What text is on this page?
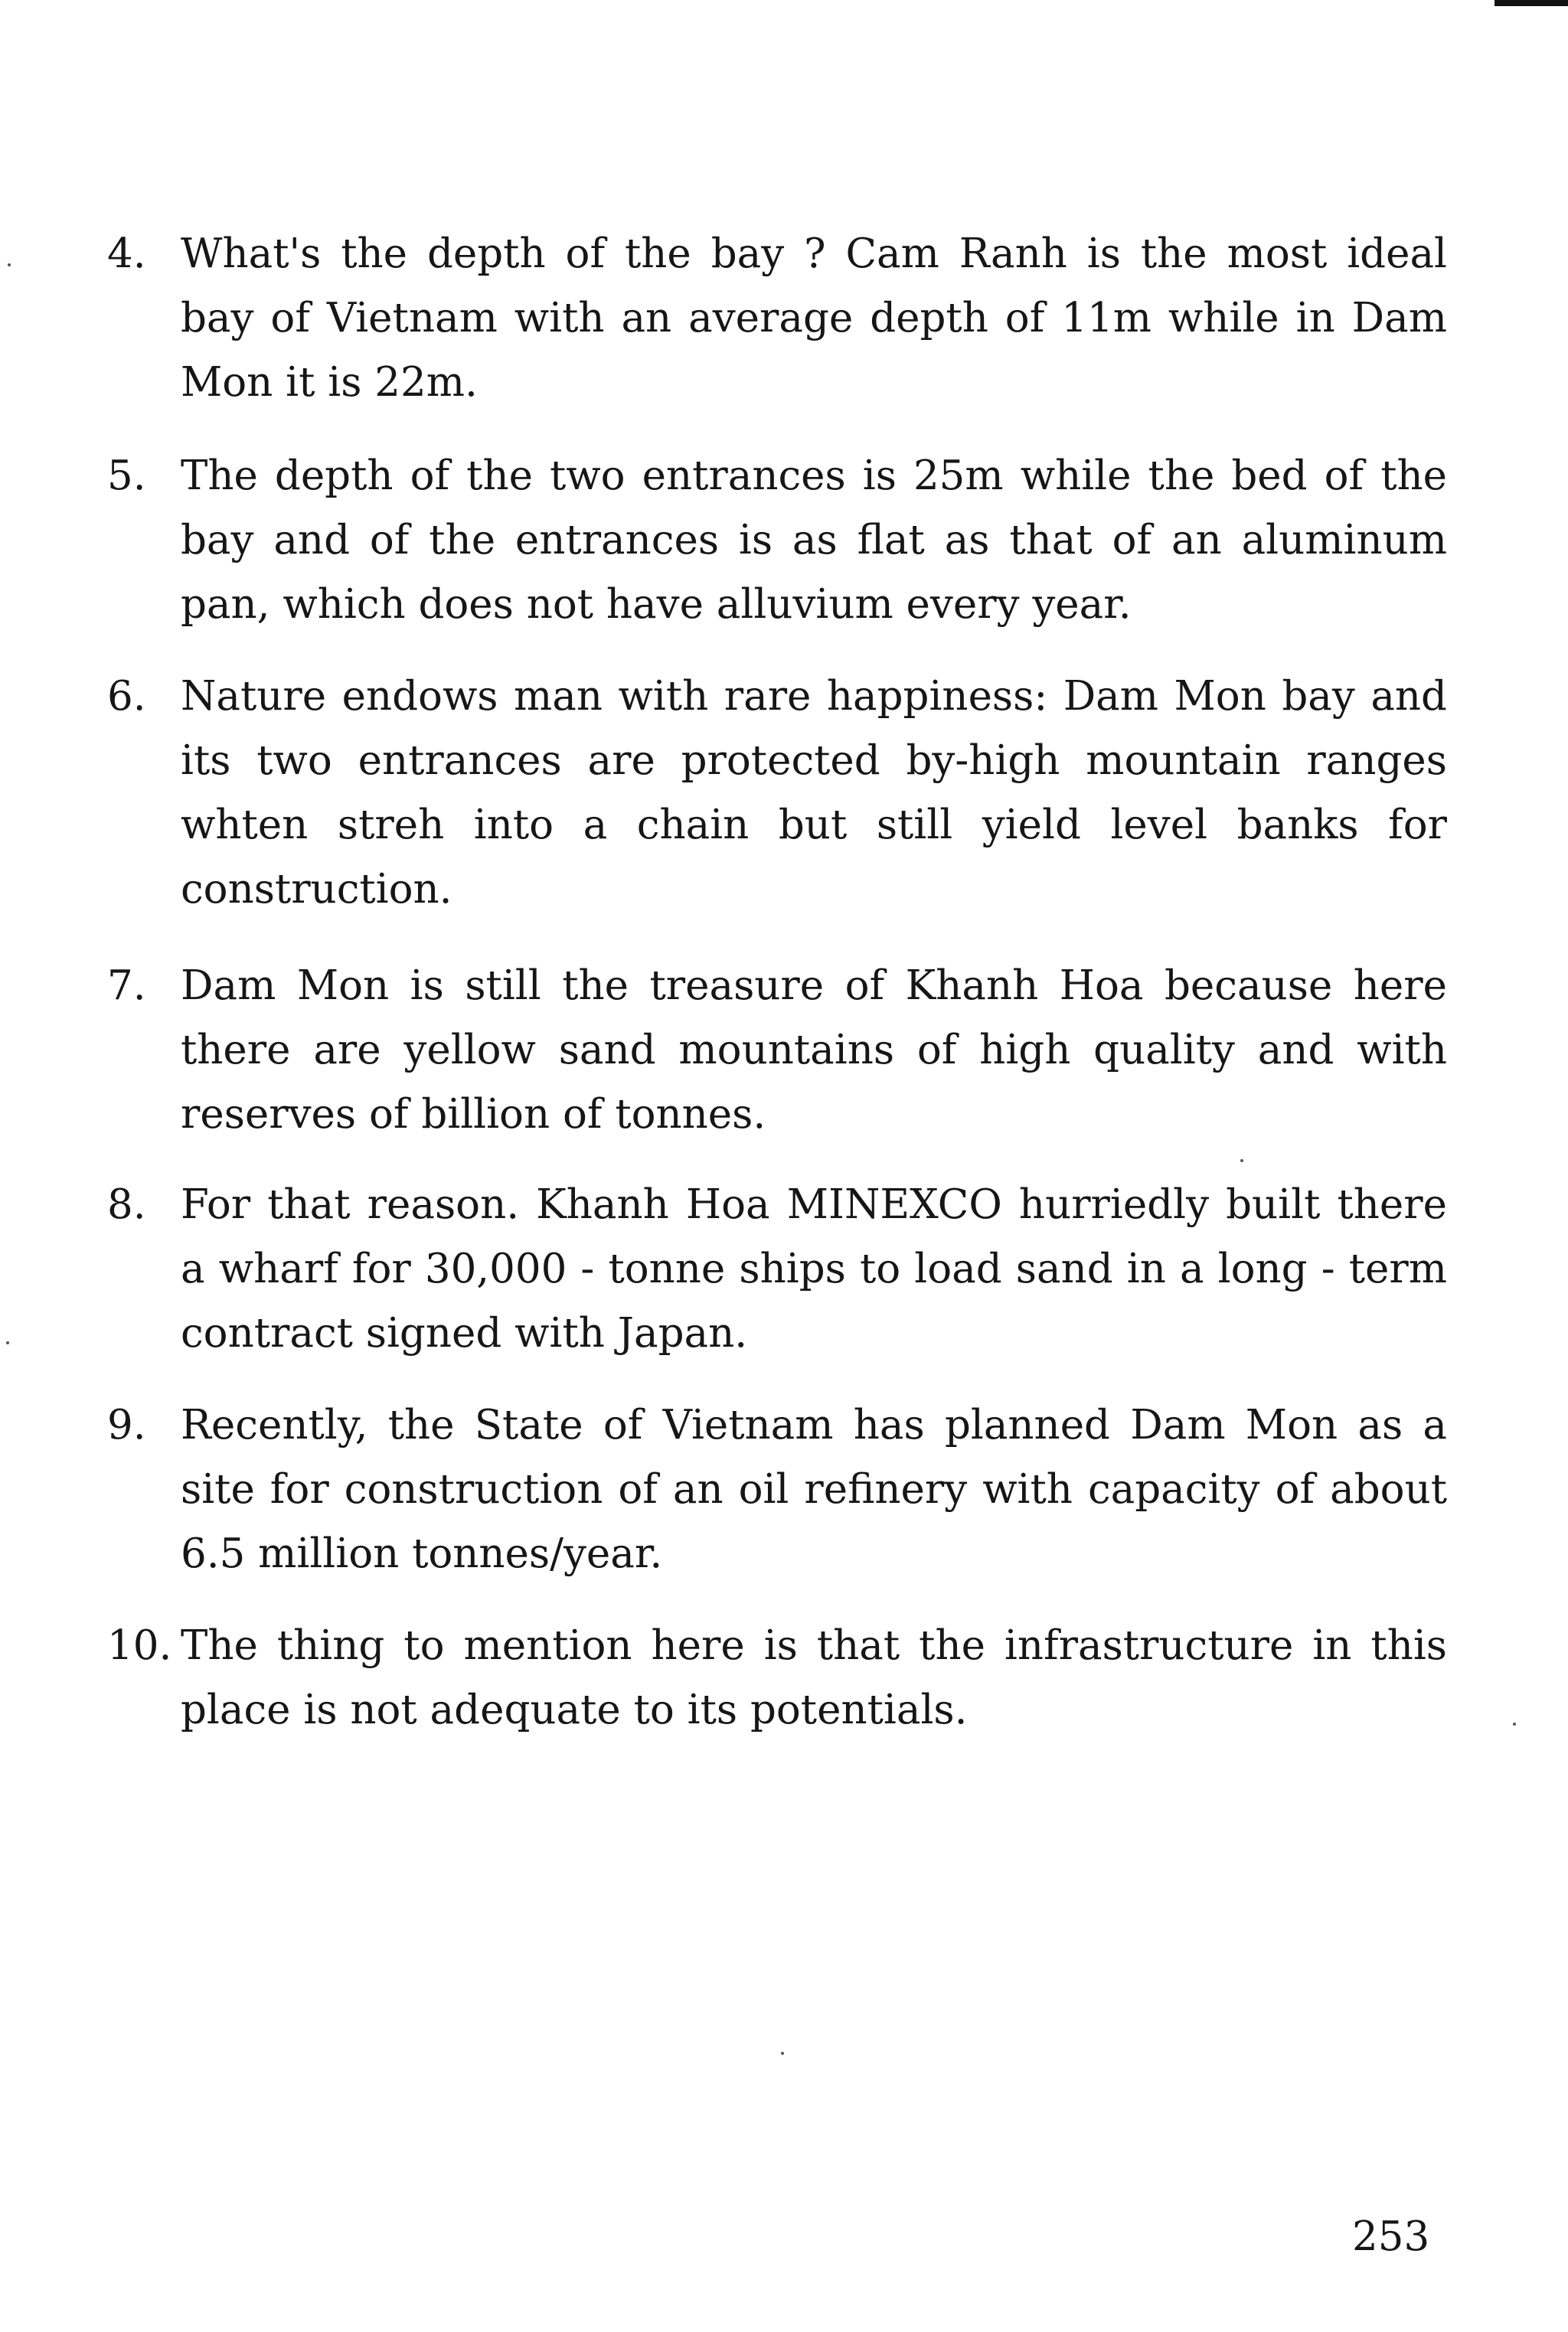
4. What's the depth of the bay ? Cam Ranh is the most ideal bay of Vietnam with an average depth of 11m while in Dam Mon it is 22m.
5. The depth of the two entrances is 25m while the bed of the bay and of the entrances is as flat as that of an aluminum pan, which does not have alluvium every year.
6. Nature endows man with rare happiness: Dam Mon bay and its two entrances are protected by-high mountain ranges whten streh into a chain but still yield level banks for construction.
7. Dam Mon is still the treasure of Khanh Hoa because here there are yellow sand mountains of high quality and with reserves of billion of tonnes.
8. For that reason. Khanh Hoa MINEXCO hurriedly built there a wharf for 30,000 - tonne ships to load sand in a long - term contract signed with Japan.
9. Recently, the State of Vietnam has planned Dam Mon as a site for construction of an oil refinery with capacity of about 6.5 million tonnes/year.
10. The thing to mention here is that the infrastructure in this place is not adequate to its potentials.
253
